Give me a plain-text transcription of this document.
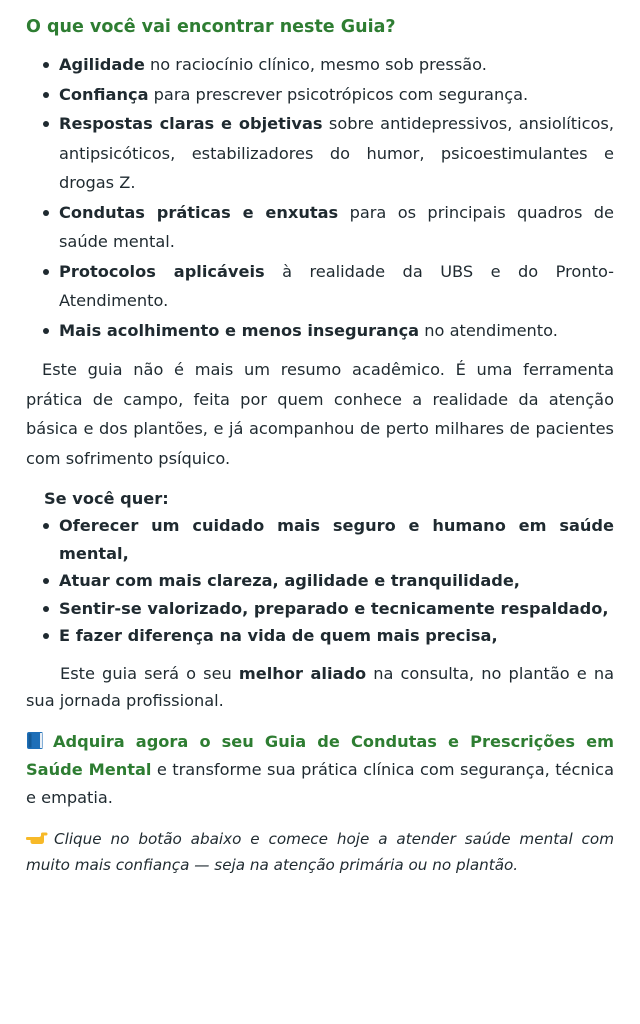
O que você vai encontrar neste Guia?
Agilidade no raciocínio clínico, mesmo sob pressão.
Confiança para prescrever psicotrópicos com segurança.
Respostas claras e objetivas sobre antidepressivos, ansiolíticos, antipsicóticos, estabilizadores do humor, psicoestimulantes e drogas Z.
Condutas práticas e enxutas para os principais quadros de saúde mental.
Protocolos aplicáveis à realidade da UBS e do Pronto-Atendimento.
Mais acolhimento e menos insegurança no atendimento.

Este guia não é mais um resumo acadêmico. É uma ferramenta prática de campo, feita por quem conhece a realidade da atenção básica e dos plantões, e já acompanhou de perto milhares de pacientes com sofrimento psíquico.

Se você quer:
Oferecer um cuidado mais seguro e humano em saúde mental,
Atuar com mais clareza, agilidade e tranquilidade,
Sentir-se valorizado, preparado e tecnicamente respaldado,
E fazer diferença na vida de quem mais precisa,

Este guia será o seu melhor aliado na consulta, no plantão e na sua jornada profissional.

Adquira agora o seu Guia de Condutas e Prescrições em Saúde Mental e transforme sua prática clínica com segurança, técnica e empatia.

Clique no botão abaixo e comece hoje a atender saúde mental com muito mais confiança — seja na atenção primária ou no plantão.
